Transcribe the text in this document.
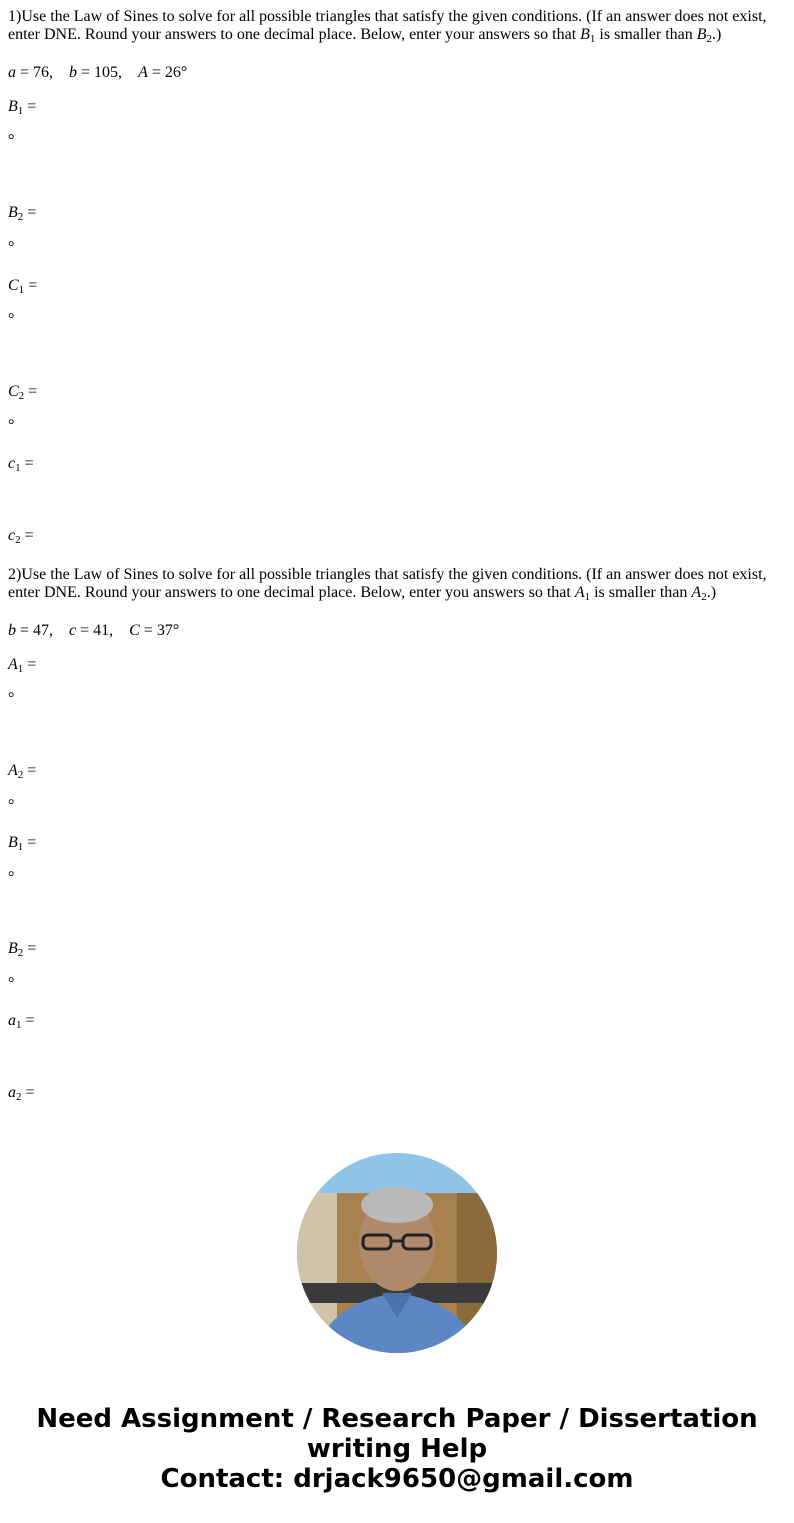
1)Use the Law of Sines to solve for all possible triangles that satisfy the given conditions. (If an answer does not exist, enter DNE. Round your answers to one decimal place. Below, enter your answers so that $B_1$ is smaller than $B_2$.)
a = 76, b = 105, A = 26°
$B_1$ =
°
$B_2$ =
°
$C_1$ =
°
$C_2$ =
°
$c_1$ =
$c_2$ =
2)Use the Law of Sines to solve for all possible triangles that satisfy the given conditions. (If an answer does not exist, enter DNE. Round your answers to one decimal place. Below, enter you answers so that $A_1$ is smaller than $A_2$.)
b = 47, c = 41, C = 37°
$A_1$ =
°
$A_2$ =
°
$B_1$ =
°
$B_2$ =
°
$a_1$ =
$a_2$ =
Need Assignment / Research Paper / Dissertation
writing Help
Contact: drjack9650@gmail.com
